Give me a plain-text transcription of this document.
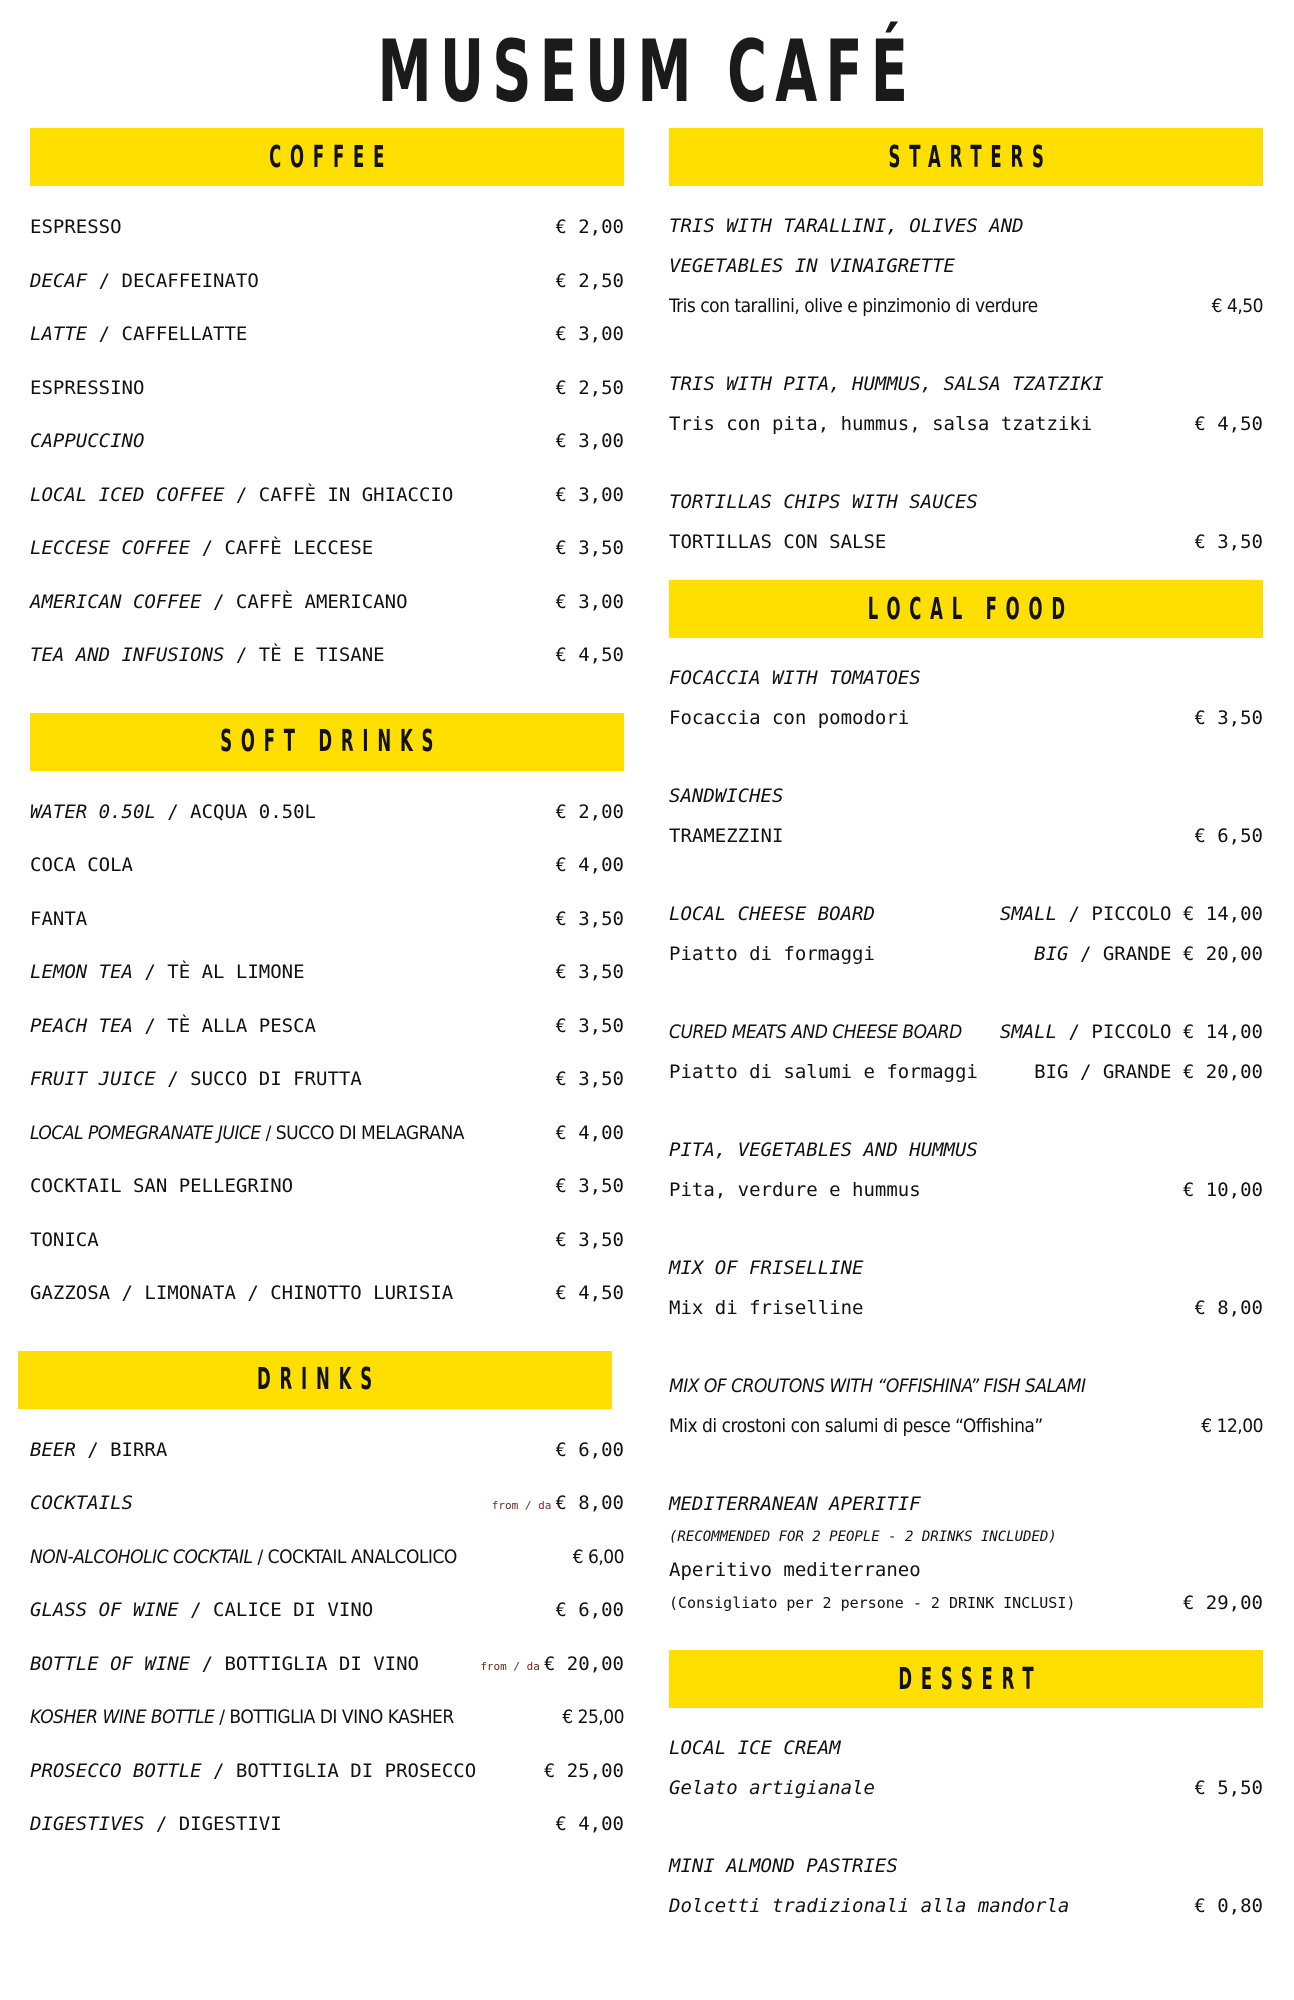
MUSEUM CAFÉ
COFFEE
ESPRESSO	€ 2,00
DECAF / DECAFFEINATO	€ 2,50
LATTE / CAFFELLATTE	€ 3,00
ESPRESSINO	€ 2,50
CAPPUCCINO	€ 3,00
LOCAL ICED COFFEE / CAFFÈ IN GHIACCIO	€ 3,00
LECCESE COFFEE / CAFFÈ LECCESE	€ 3,50
AMERICAN COFFEE / CAFFÈ AMERICANO	€ 3,00
TEA AND INFUSIONS / TÈ E TISANE	€ 4,50
SOFT DRINKS
WATER 0.50L / ACQUA 0.50L	€ 2,00
COCA COLA	€ 4,00
FANTA	€ 3,50
LEMON TEA / TÈ AL LIMONE	€ 3,50
PEACH TEA / TÈ ALLA PESCA	€ 3,50
FRUIT JUICE / SUCCO DI FRUTTA	€ 3,50
LOCAL POMEGRANATE JUICE / SUCCO DI MELAGRANA	€ 4,00
COCKTAIL SAN PELLEGRINO	€ 3,50
TONICA	€ 3,50
GAZZOSA / LIMONATA / CHINOTTO LURISIA	€ 4,50
DRINKS
BEER / BIRRA	€ 6,00
COCKTAILS	from / da € 8,00
NON-ALCOHOLIC COCKTAIL / COCKTAIL ANALCOLICO	€ 6,00
GLASS OF WINE / CALICE DI VINO	€ 6,00
BOTTLE OF WINE / BOTTIGLIA DI VINO	from / da € 20,00
KOSHER WINE BOTTLE / BOTTIGLIA DI VINO KASHER	€ 25,00
PROSECCO BOTTLE / BOTTIGLIA DI PROSECCO	€ 25,00
DIGESTIVES / DIGESTIVI	€ 4,00
STARTERS
TRIS WITH TARALLINI, OLIVES AND
VEGETABLES IN VINAIGRETTE
Tris con tarallini, olive e pinzimonio di verdure	€ 4,50
TRIS WITH PITA, HUMMUS, SALSA TZATZIKI
Tris con pita, hummus, salsa tzatziki	€ 4,50
TORTILLAS CHIPS WITH SAUCES
TORTILLAS CON SALSE	€ 3,50
LOCAL FOOD
FOCACCIA WITH TOMATOES
Focaccia con pomodori	€ 3,50
SANDWICHES
TRAMEZZINI	€ 6,50
LOCAL CHEESE BOARD	SMALL / PICCOLO € 14,00
Piatto di formaggi	BIG / GRANDE € 20,00
CURED MEATS AND CHEESE BOARD SMALL / PICCOLO € 14,00
Piatto di salumi e formaggi	BIG / GRANDE € 20,00
PITA, VEGETABLES AND HUMMUS
Pita, verdure e hummus	€ 10,00
MIX OF FRISELLINE
Mix di friselline	€ 8,00
MIX OF CROUTONS WITH “OFFISHINA” FISH SALAMI
Mix di crostoni con salumi di pesce “Offishina”	€ 12,00
MEDITERRANEAN APERITIF
(RECOMMENDED FOR 2 PEOPLE - 2 DRINKS INCLUDED)
Aperitivo mediterraneo
(Consigliato per 2 persone - 2 DRINK INCLUSI)	€ 29,00
DESSERT
LOCAL ICE CREAM
Gelato artigianale	€ 5,50
MINI ALMOND PASTRIES
Dolcetti tradizionali alla mandorla	€ 0,80
